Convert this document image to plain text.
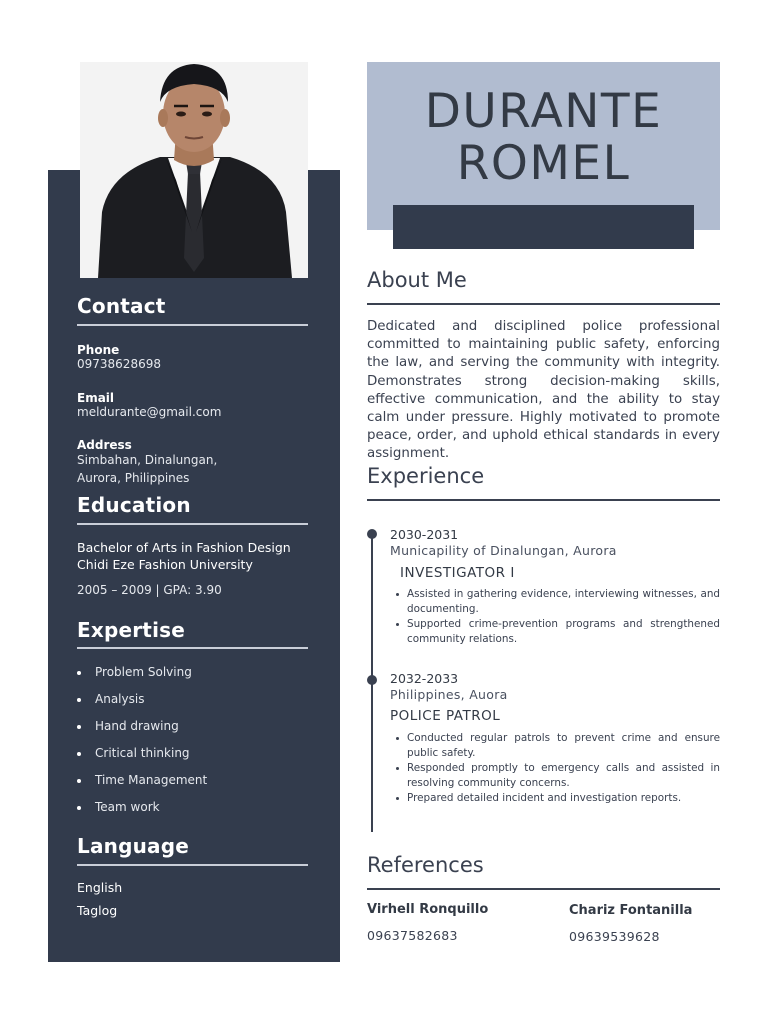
Contact
Phone
09738628698
Email
meldurante@gmail.com
Address
Simbahan, Dinalungan,
Aurora, Philippines
Education
Bachelor of Arts in Fashion Design
Chidi Eze Fashion University
2005 – 2009 | GPA: 3.90
Expertise
Problem Solving
Analysis
Hand drawing
Critical thinking
Time Management
Team work
Language
English
Taglog
DURANTE
ROMEL
About Me
Dedicated and disciplined police professional committed to maintaining public safety, enforcing the law, and serving the community with integrity. Demonstrates strong decision-making skills, effective communication, and the ability to stay calm under pressure. Highly motivated to promote peace, order, and uphold ethical standards in every assignment.
Experience
2030-2031
Municapility of Dinalungan, Aurora
INVESTIGATOR I
Assisted in gathering evidence, interviewing witnesses, and documenting.
Supported crime-prevention programs and strengthened community relations.
2032-2033
Philippines, Auora
POLICE PATROL
Conducted regular patrols to prevent crime and ensure public safety.
Responded promptly to emergency calls and assisted in resolving community concerns.
Prepared detailed incident and investigation reports.
References
Virhell Ronquillo
09637582683
Chariz Fontanilla
09639539628
